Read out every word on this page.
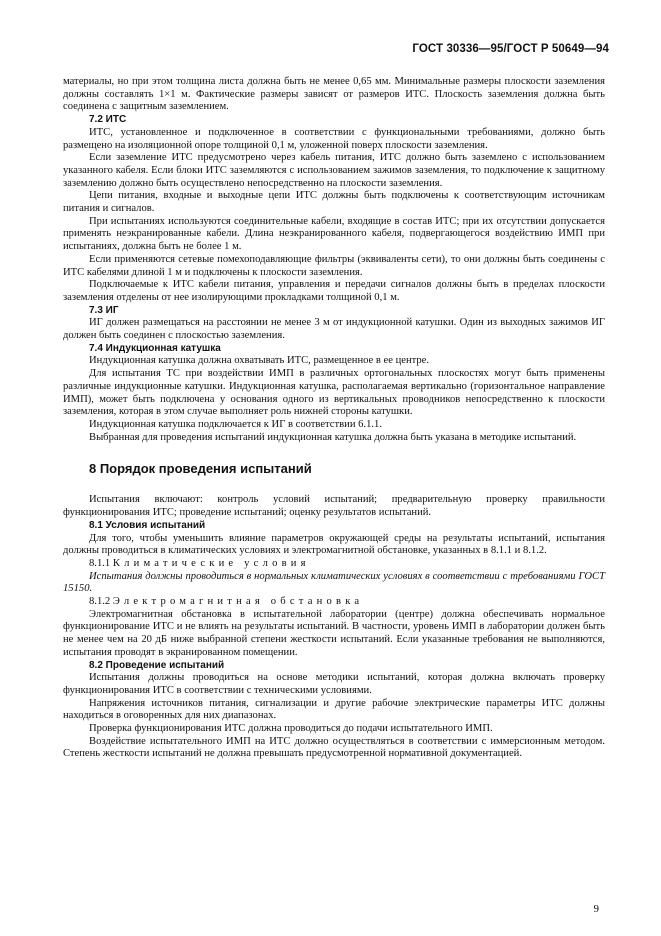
ГОСТ 30336—95/ГОСТ Р 50649—94

материалы, но при этом толщина листа должна быть не менее 0,65 мм. Минимальные размеры плоскости заземления должны составлять 1×1 м. Фактические размеры зависят от размеров ИТС. Плоскость заземления должна быть соединена с защитным заземлением.

7.2 ИТС

ИТС, установленное и подключенное в соответствии с функциональными требованиями, должно быть размещено на изоляционной опоре толщиной 0,1 м, уложенной поверх плоскости заземления.

Если заземление ИТС предусмотрено через кабель питания, ИТС должно быть заземлено с использованием указанного кабеля. Если блоки ИТС заземляются с использованием зажимов заземления, то подключение к защитному заземлению должно быть осуществлено непосредственно на плоскости заземления.

Цепи питания, входные и выходные цепи ИТС должны быть подключены к соответствующим источникам питания и сигналов.

При испытаниях используются соединительные кабели, входящие в состав ИТС; при их отсутствии допускается применять неэкранированные кабели. Длина неэкранированного кабеля, подвергающегося воздействию ИМП при испытаниях, должна быть не более 1 м.

Если применяются сетевые помехоподавляющие фильтры (эквиваленты сети), то они должны быть соединены с ИТС кабелями длиной 1 м и подключены к плоскости заземления.

Подключаемые к ИТС кабели питания, управления и передачи сигналов должны быть в пределах плоскости заземления отделены от нее изолирующими прокладками толщиной 0,1 м.

7.3 ИГ

ИГ должен размещаться на расстоянии не менее 3 м от индукционной катушки. Один из выходных зажимов ИГ должен быть соединен с плоскостью заземления.

7.4 Индукционная катушка

Индукционная катушка должна охватывать ИТС, размещенное в ее центре.

Для испытания ТС при воздействии ИМП в различных ортогональных плоскостях могут быть применены различные индукционные катушки. Индукционная катушка, располагаемая вертикально (горизонтальное направление ИМП), может быть подключена у основания одного из вертикальных проводников непосредственно к плоскости заземления, которая в этом случае выполняет роль нижней стороны катушки.

Индукционная катушка подключается к ИГ в соответствии 6.1.1.

Выбранная для проведения испытаний индукционная катушка должна быть указана в методике испытаний.

8 Порядок проведения испытаний

Испытания включают: контроль условий испытаний; предварительную проверку правильности функционирования ИТС; проведение испытаний; оценку результатов испытаний.

8.1 Условия испытаний

Для того, чтобы уменьшить влияние параметров окружающей среды на результаты испытаний, испытания должны проводиться в климатических условиях и электромагнитной обстановке, указанных в 8.1.1 и 8.1.2.

8.1.1 Климатические условия

Испытания должны проводиться в нормальных климатических условиях в соответствии с требованиями ГОСТ 15150.

8.1.2 Электромагнитная обстановка

Электромагнитная обстановка в испытательной лаборатории (центре) должна обеспечивать нормальное функционирование ИТС и не влиять на результаты испытаний. В частности, уровень ИМП в лаборатории должен быть не менее чем на 20 дБ ниже выбранной степени жесткости испытаний. Если указанные требования не выполняются, испытания проводят в экранированном помещении.

8.2 Проведение испытаний

Испытания должны проводиться на основе методики испытаний, которая должна включать проверку функционирования ИТС в соответствии с техническими условиями.

Напряжения источников питания, сигнализации и другие рабочие электрические параметры ИТС должны находиться в оговоренных для них диапазонах.

Проверка функционирования ИТС должна проводиться до подачи испытательного ИМП.

Воздействие испытательного ИМП на ИТС должно осуществляться в соответствии с иммерсионным методом. Степень жесткости испытаний не должна превышать предусмотренной нормативной документацией.

9
